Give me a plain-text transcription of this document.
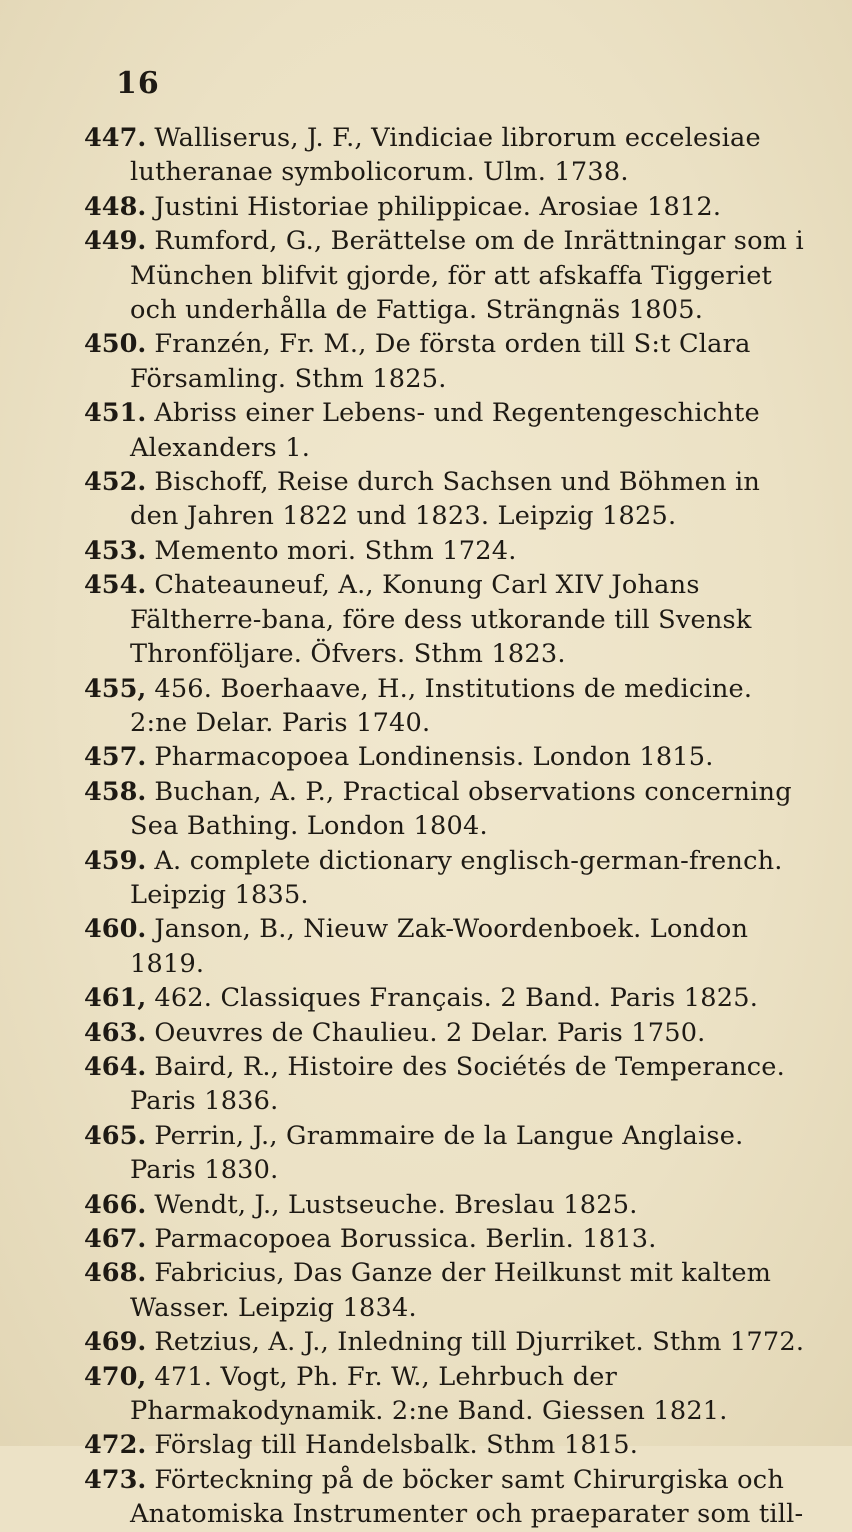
16

447. Walliserus, J. F., Vindiciae librorum eccelesiae lutheranae symbolicorum. Ulm. 1738.

448. Justini Historiae philippicae. Arosiae 1812.

449. Rumford, G., Berättelse om de Inrättningar som i München blifvit gjorde, för att afskaffa Tiggeriet och underhålla de Fattiga. Strängnäs 1805.

450. Franzén, Fr. M., De första orden till S:t Clara Församling. Sthm 1825.

451. Abriss einer Lebens- und Regentengeschichte Alexanders 1.

452. Bischoff, Reise durch Sachsen und Böhmen in den Jahren 1822 und 1823. Leipzig 1825.

453. Memento mori. Sthm 1724.

454. Chateauneuf, A., Konung Carl XIV Johans Fältherre-bana, före dess utkorande till Svensk Thronföljare. Öfvers. Sthm 1823.

455, 456. Boerhaave, H., Institutions de medicine. 2:ne Delar. Paris 1740.

457. Pharmacopoea Londinensis. London 1815.

458. Buchan, A. P., Practical observations concerning Sea Bathing. London 1804.

459. A. complete dictionary englisch-german-french. Leipzig 1835.

460. Janson, B., Nieuw Zak-Woordenboek. London 1819.

461, 462. Classiques Français. 2 Band. Paris 1825.

463. Oeuvres de Chaulieu. 2 Delar. Paris 1750.

464. Baird, R., Histoire des Sociétés de Temperance. Paris 1836.

465. Perrin, J., Grammaire de la Langue Anglaise. Paris 1830.

466. Wendt, J., Lustseuche. Breslau 1825.

467. Parmacopoea Borussica. Berlin. 1813.

468. Fabricius, Das Ganze der Heilkunst mit kaltem Wasser. Leipzig 1834.

469. Retzius, A. J., Inledning till Djurriket. Sthm 1772.

470, 471. Vogt, Ph. Fr. W., Lehrbuch der Pharmakodynamik. 2:ne Band. Giessen 1821.

472. Förslag till Handelsbalk. Sthm 1815.

473. Förteckning på de böcker samt Chirurgiska och Anatomiska Instrumenter och praeparater som till-
